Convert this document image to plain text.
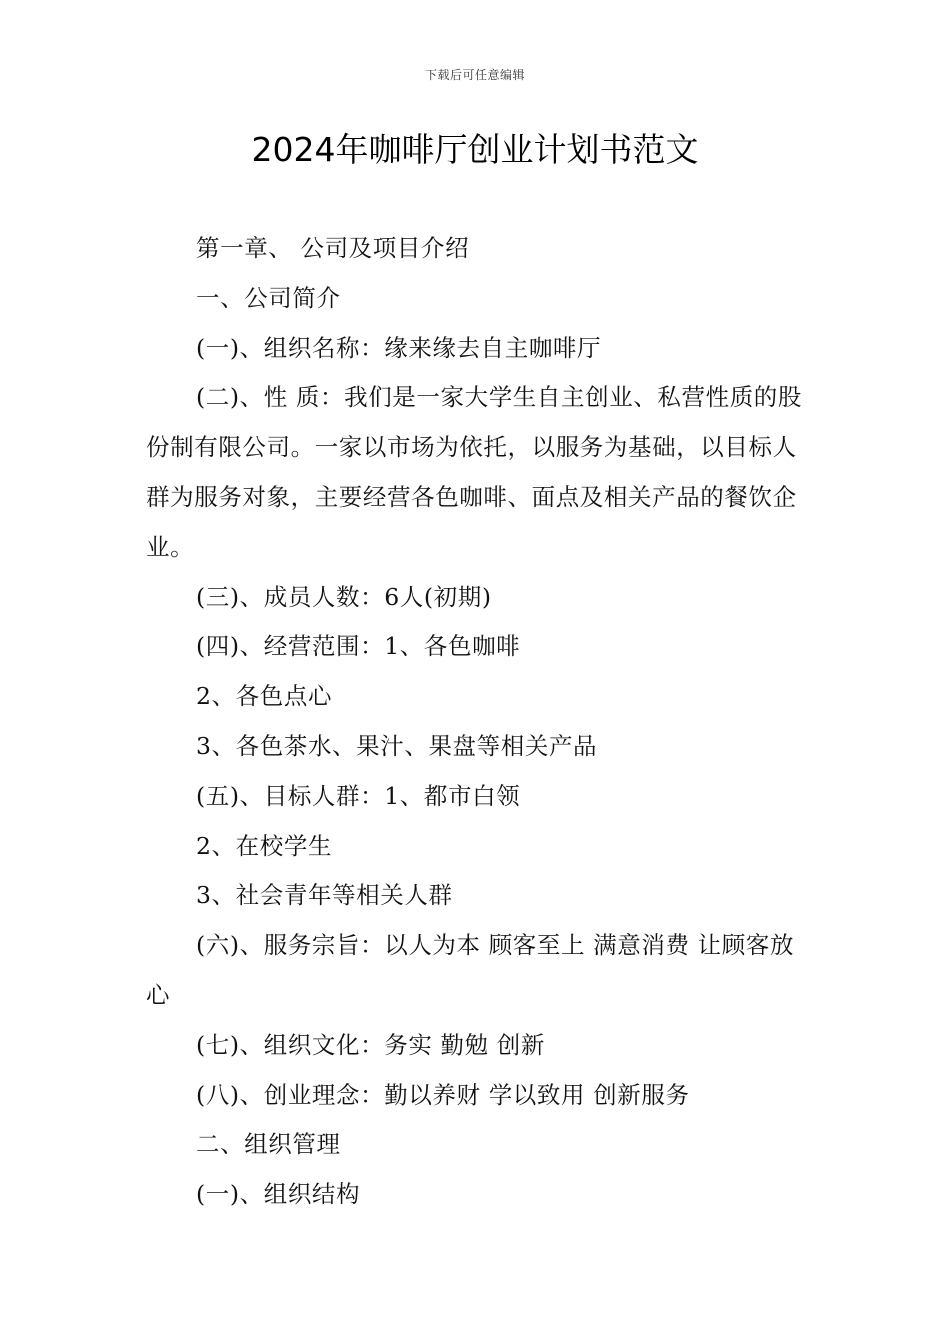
下载后可任意编辑
2024年咖啡厅创业计划书范文

第一章、 公司及项目介绍

一、公司简介

(一)、组织名称：缘来缘去自主咖啡厅

(二)、性 质：我们是一家大学生自主创业、私营性质的股份制有限公司。一家以市场为依托，以服务为基础，以目标人群为服务对象，主要经营各色咖啡、面点及相关产品的餐饮企业。

(三)、成员人数：6人(初期)

(四)、经营范围：1、各色咖啡

2、各色点心

3、各色茶水、果汁、果盘等相关产品

(五)、目标人群：1、都市白领

2、在校学生

3、社会青年等相关人群

(六)、服务宗旨：以人为本 顾客至上 满意消费 让顾客放心

(七)、组织文化：务实 勤勉 创新

(八)、创业理念：勤以养财 学以致用 创新服务

二、组织管理

(一)、组织结构
